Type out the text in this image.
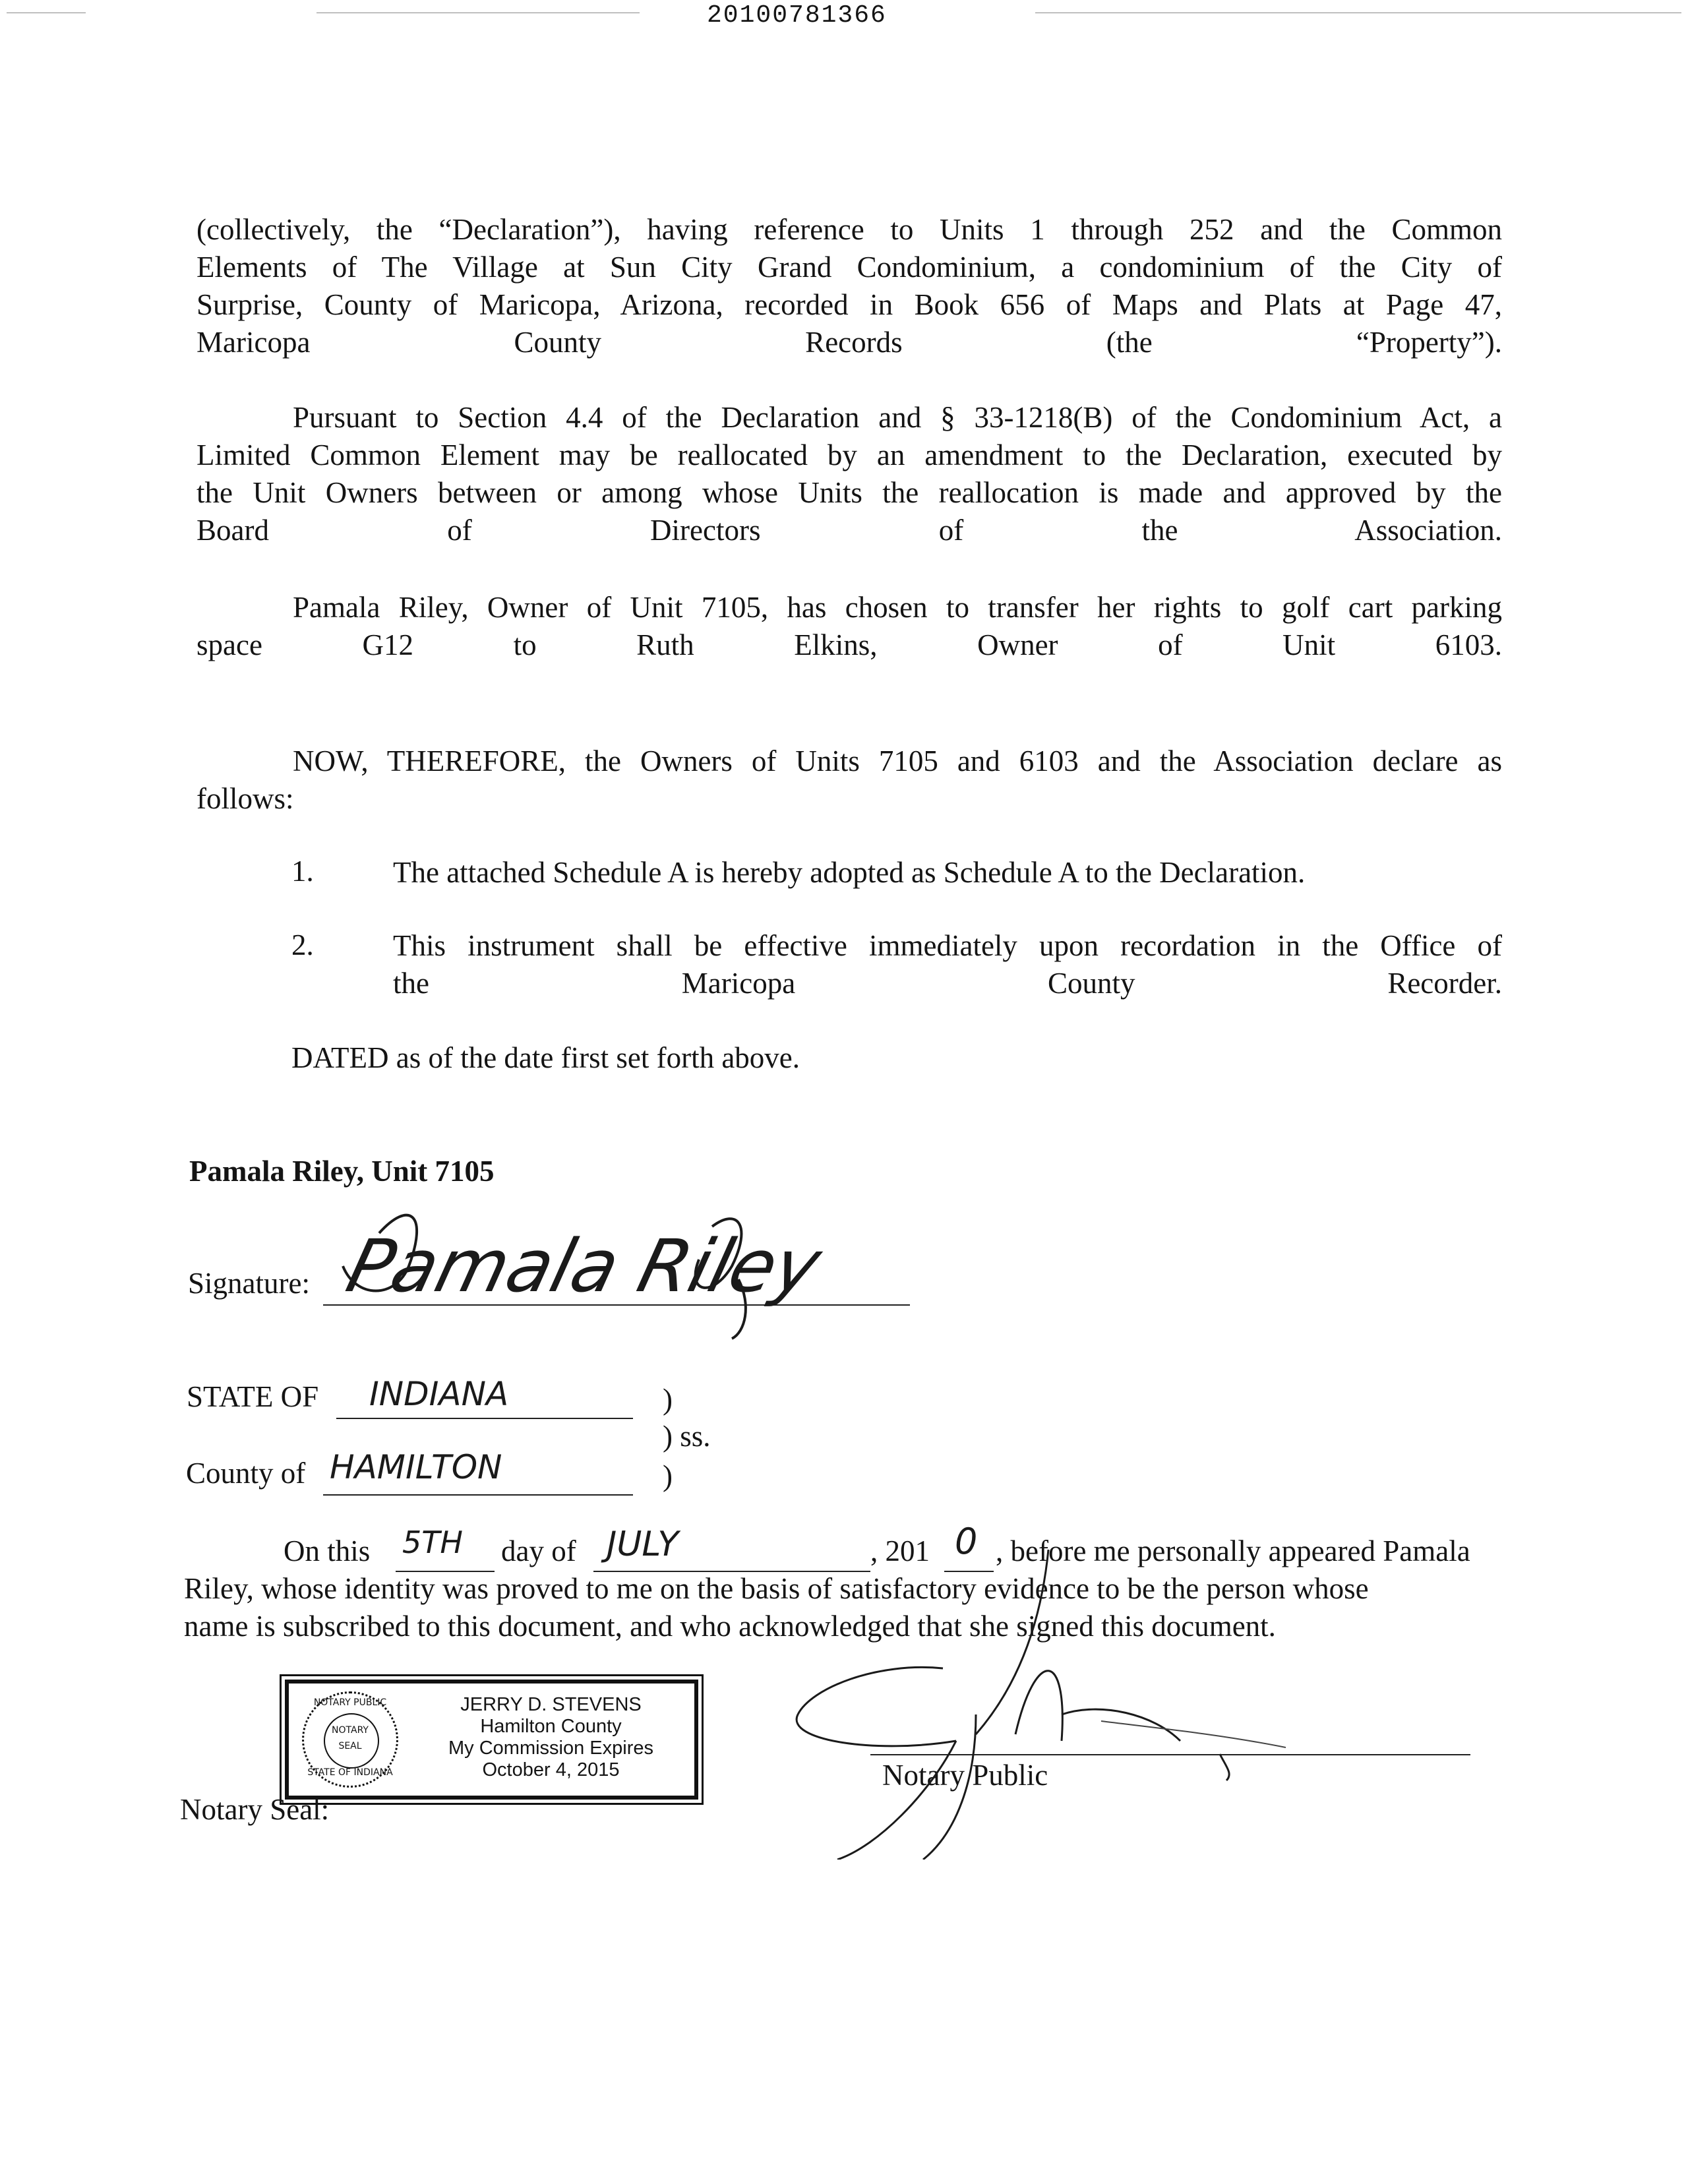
20100781366
(collectively, the “Declaration”), having reference to Units 1 through 252 and the Common
Elements of The Village at Sun City Grand Condominium, a condominium of the City of
Surprise, County of Maricopa, Arizona, recorded in Book 656 of Maps and Plats at Page 47,
Maricopa County Records (the “Property”).
Pursuant to Section 4.4 of the Declaration and § 33-1218(B) of the Condominium Act, a
Limited Common Element may be reallocated by an amendment to the Declaration, executed by
the Unit Owners between or among whose Units the reallocation is made and approved by the
Board of Directors of the Association.
Pamala Riley, Owner of Unit 7105, has chosen to transfer her rights to golf cart parking
space G12 to Ruth Elkins, Owner of Unit 6103.
NOW, THEREFORE, the Owners of Units 7105 and 6103 and the Association declare as
follows:
1.	The attached Schedule A is hereby adopted as Schedule A to the Declaration.
2.	This instrument shall be effective immediately upon recordation in the Office of
the Maricopa County Recorder.
DATED as of the date first set forth above.
Pamala Riley, Unit 7105
Signature: Pamala Riley
STATE OF INDIANA	)
) ss.
County of HAMILTON	)
On this 5TH day of JULY	, 201 0 , before me personally appeared Pamala
Riley, whose identity was proved to me on the basis of satisfactory evidence to be the person whose
name is subscribed to this document, and who acknowledged that she signed this document.
NOTARY PUBLIC
NOTARY
SEAL
STATE OF INDIANA
JERRY D. STEVENS
Hamilton County
My Commission Expires
October 4, 2015
Notary Seal:
Notary Public
